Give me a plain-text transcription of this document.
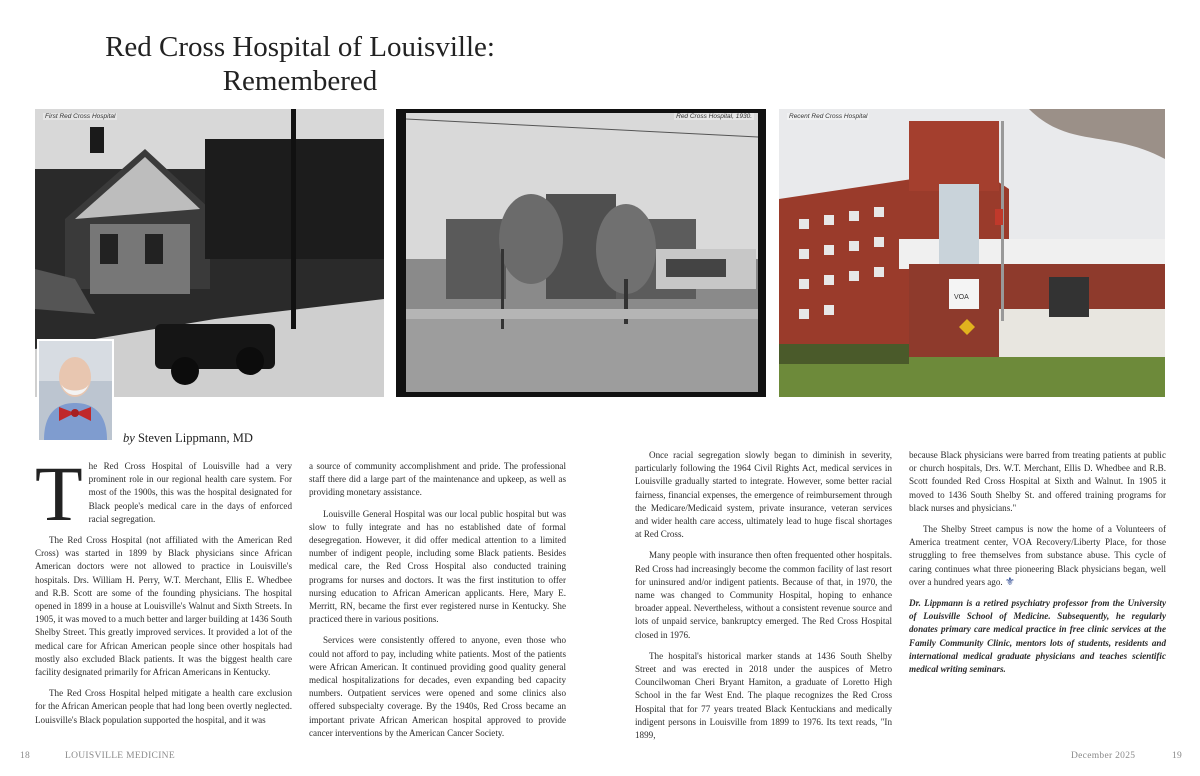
Red Cross Hospital of Louisville:
Remembered
First Red Cross Hospital	Red Cross Hospital, 1930.
VOA
Recent Red Cross Hospital
by Steven Lippmann, MD

The Red Cross Hospital of Louisville had a very prominent role in our regional health care system. For most of the 1900s, this was the hospital designated for Black people's medical care in the days of enforced racial segregation.

The Red Cross Hospital (not affiliated with the American Red Cross) was started in 1899 by Black physicians since African American doctors were not allowed to practice in Louisville's hospitals. Drs. William H. Perry, W.T. Merchant, Ellis E. Whedbee and R.B. Scott are some of the founding physicians. The hospital opened in 1899 in a house at Louisville's Walnut and Sixth Streets. In 1905, it was moved to a much better and larger building at 1436 South Shelby Street. This greatly improved services. It provided a lot of the medical care for African American people since other hospitals had mostly also excluded Black patients. It was the biggest health care facility designated primarily for African Americans in Kentucky.

The Red Cross Hospital helped mitigate a health care exclusion for the African American people that had long been overtly neglected. Louisville's Black population supported the hospital, and it was

a source of community accomplishment and pride. The professional staff there did a large part of the maintenance and upkeep, as well as providing monetary assistance.

Louisville General Hospital was our local public hospital but was slow to fully integrate and has no established date of formal desegregation. However, it did offer medical attention to a limited number of indigent people, including some Black patients. Besides medical care, the Red Cross Hospital also conducted training programs for nurses and doctors. It was the first institution to offer nursing education to African American applicants. Here, Mary E. Merritt, RN, became the first ever registered nurse in Kentucky. She practiced there in various positions.

Services were consistently offered to anyone, even those who could not afford to pay, including white patients. Most of the patients were African American. It continued providing good quality general medical hospitalizations for decades, even expanding bed capacity numbers. Outpatient services were opened and some clinics also offered subspecialty coverage. By the 1940s, Red Cross became an important private African American hospital approved to provide cancer interventions by the American Cancer Society.

Once racial segregation slowly began to diminish in severity, particularly following the 1964 Civil Rights Act, medical services in Louisville gradually started to integrate. However, some better racial fairness, financial expenses, the emergence of reimbursement through the Medicare/Medicaid system, private insurance, veteran services and wider health care access, ultimately lead to huge fiscal shortages at Red Cross.

Many people with insurance then often frequented other hospitals. Red Cross had increasingly become the common facility of last resort for uninsured and/or indigent patients. Because of that, in 1970, the name was changed to Community Hospital, hoping to enhance broader appeal. Nevertheless, without a consistent revenue source and lots of unpaid service, bankruptcy emerged. The Red Cross Hospital closed in 1976.

The hospital's historical marker stands at 1436 South Shelby Street and was erected in 2018 under the auspices of Metro Councilwoman Cheri Bryant Hamiton, a graduate of Loretto High School in the far West End. The plaque recognizes the Red Cross Hospital that for 77 years treated Black Kentuckians and medically indigent persons in Louisville from 1899 to 1976. Its text reads, "In 1899,

because Black physicians were barred from treating patients at public or church hospitals, Drs. W.T. Merchant, Ellis D. Whedbee and R.B. Scott founded Red Cross Hospital at Sixth and Walnut. In 1905 it moved to 1436 South Shelby St. and offered training programs for black nurses and physicians."

The Shelby Street campus is now the home of a Volunteers of America treatment center, VOA Recovery/Liberty Place, for those struggling to free themselves from substance abuse. This cycle of caring continues what three pioneering Black physicians began, well over a hundred years ago. ⚜

Dr. Lippmann is a retired psychiatry professor from the University of Louisville School of Medicine. Subsequently, he regularly donates primary care medical practice in free clinic services at the Family Community Clinic, mentors lots of students, residents and international medical graduate physicians and teaches scientific medical writing seminars.

18	LOUISVILLE MEDICINE	December 2025	19
